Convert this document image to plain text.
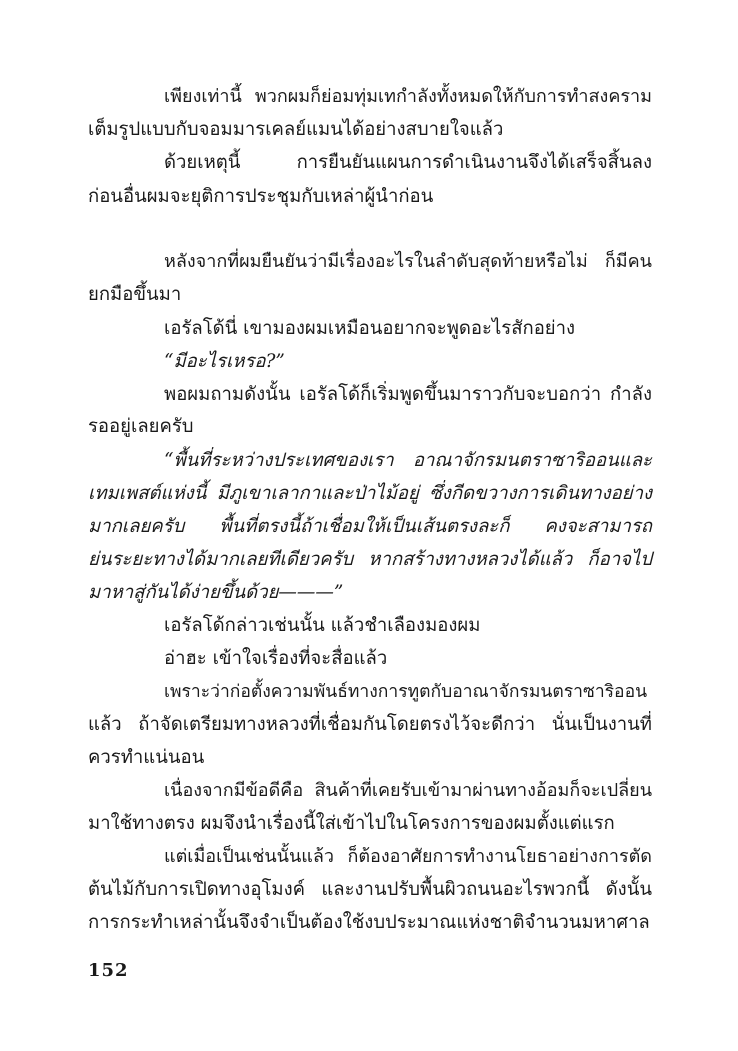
เพียงเท่านี้ พวกผมก็ย่อมทุ่มเทกำลังทั้งหมดให้กับการทำสงคราม
เต็มรูปแบบกับจอมมารเคลย์แมนได้อย่างสบายใจแล้ว
ด้วยเหตุนี้ การยืนยันแผนการดำเนินงานจึงได้เสร็จสิ้นลง
ก่อนอื่นผมจะยุติการประชุมกับเหล่าผู้นำก่อน
หลังจากที่ผมยืนยันว่ามีเรื่องอะไรในลำดับสุดท้ายหรือไม่ ก็มีคน
ยกมือขึ้นมา
เอรัลโด้นี่ เขามองผมเหมือนอยากจะพูดอะไรสักอย่าง
“มีอะไรเหรอ?”
พอผมถามดังนั้น เอรัลโด้ก็เริ่มพูดขึ้นมาราวกับจะบอกว่า กำลัง
รออยู่เลยครับ
“พื้นที่ระหว่างประเทศของเรา อาณาจักรมนตราซาริออนและ
เทมเพสต์แห่งนี้ มีภูเขาเลากาและป่าไม้อยู่ ซึ่งกีดขวางการเดินทางอย่าง
มากเลยครับ พื้นที่ตรงนี้ถ้าเชื่อมให้เป็นเส้นตรงละก็ คงจะสามารถ
ย่นระยะทางได้มากเลยทีเดียวครับ หากสร้างทางหลวงได้แล้ว ก็อาจไป
มาหาสู่กันได้ง่ายขึ้นด้วย———”
เอรัลโด้กล่าวเช่นนั้น แล้วชำเลืองมองผม
อ่าฮะ เข้าใจเรื่องที่จะสื่อแล้ว
เพราะว่าก่อตั้งความพันธ์ทางการทูตกับอาณาจักรมนตราซาริออน
แล้ว ถ้าจัดเตรียมทางหลวงที่เชื่อมกันโดยตรงไว้จะดีกว่า นั่นเป็นงานที่
ควรทำแน่นอน
เนื่องจากมีข้อดีคือ สินค้าที่เคยรับเข้ามาผ่านทางอ้อมก็จะเปลี่ยน
มาใช้ทางตรง ผมจึงนำเรื่องนี้ใส่เข้าไปในโครงการของผมตั้งแต่แรก
แต่เมื่อเป็นเช่นนั้นแล้ว ก็ต้องอาศัยการทำงานโยธาอย่างการตัด
ต้นไม้กับการเปิดทางอุโมงค์ และงานปรับพื้นผิวถนนอะไรพวกนี้ ดังนั้น
การกระทำเหล่านั้นจึงจำเป็นต้องใช้งบประมาณแห่งชาติจำนวนมหาศาล
152
